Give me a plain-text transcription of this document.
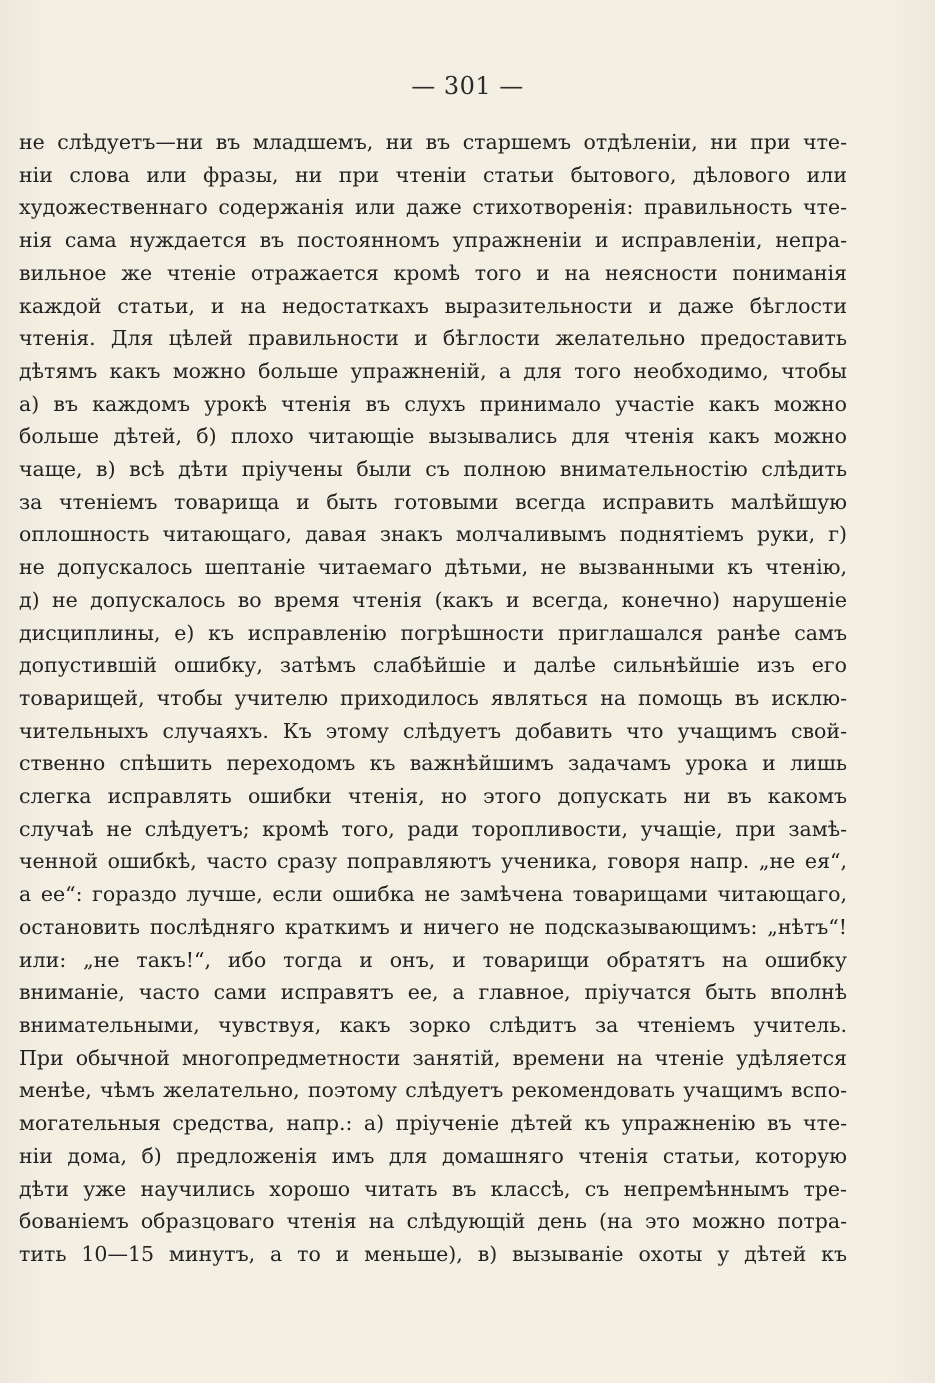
— 301 —
не слѣдуетъ—ни въ младшемъ, ни въ старшемъ отдѣленіи, ни при чте-
ніи слова или фразы, ни при чтеніи статьи бытового, дѣлового или
художественнаго содержанія или даже стихотворенія: правильность чте-
нія сама нуждается въ постоянномъ упражненіи и исправленіи, непра-
вильное же чтеніе отражается кромѣ того и на неясности пониманія
каждой статьи, и на недостаткахъ выразительности и даже бѣглости
чтенія. Для цѣлей правильности и бѣглости желательно предоставить
дѣтямъ какъ можно больше упражненій, а для того необходимо, чтобы
а) въ каждомъ урокѣ чтенія въ слухъ принимало участіе какъ можно
больше дѣтей, б) плохо читающіе вызывались для чтенія какъ можно
чаще, в) всѣ дѣти пріучены были съ полною внимательностію слѣдить
за чтеніемъ товарища и быть готовыми всегда исправить малѣйшую
оплошность читающаго, давая знакъ молчаливымъ поднятіемъ руки, г)
не допускалось шептаніе читаемаго дѣтьми, не вызванными къ чтенію,
д) не допускалось во время чтенія (какъ и всегда, конечно) нарушеніе
дисциплины, е) къ исправленію погрѣшности приглашался ранѣе самъ
допустившій ошибку, затѣмъ слабѣйшіе и далѣе сильнѣйшіе изъ его
товарищей, чтобы учителю приходилось являться на помощь въ исклю-
чительныхъ случаяхъ. Къ этому слѣдуетъ добавить что учащимъ свой-
ственно спѣшить переходомъ къ важнѣйшимъ задачамъ урока и лишь
слегка исправлять ошибки чтенія, но этого допускать ни въ какомъ
случаѣ не слѣдуетъ; кромѣ того, ради торопливости, учащіе, при замѣ-
ченной ошибкѣ, часто сразу поправляютъ ученика, говоря напр. „не ея“,
а ее“: гораздо лучше, если ошибка не замѣчена товарищами читающаго,
остановить послѣдняго краткимъ и ничего не подсказывающимъ: „нѣтъ“!
или: „не такъ!“, ибо тогда и онъ, и товарищи обратятъ на ошибку
вниманіе, часто сами исправятъ ее, а главное, пріучатся быть вполнѣ
внимательными, чувствуя, какъ зорко слѣдитъ за чтеніемъ учитель.
При обычной многопредметности занятій, времени на чтеніе удѣляется
менѣе, чѣмъ желательно, поэтому слѣдуетъ рекомендовать учащимъ вспо-
могательныя средства, напр.: а) пріученіе дѣтей къ упражненію въ чте-
ніи дома, б) предложенія имъ для домашняго чтенія статьи, которую
дѣти уже научились хорошо читать въ классѣ, съ непремѣннымъ тре-
бованіемъ образцоваго чтенія на слѣдующій день (на это можно потра-
тить 10—15 минутъ, а то и меньше), в) вызываніе охоты у дѣтей къ
